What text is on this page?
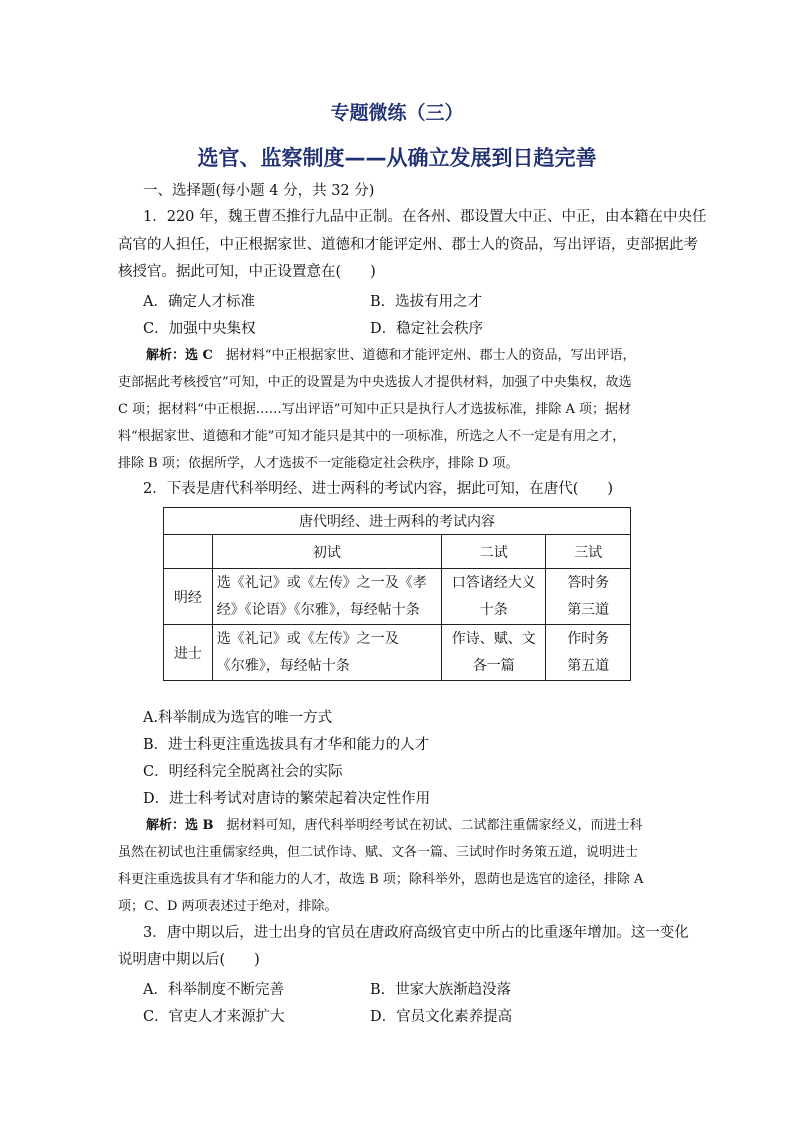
专题微练（三）
选官、监察制度——从确立发展到日趋完善
一、选择题(每小题 4 分，共 32 分)
1．220 年，魏王曹丕推行九品中正制。在各州、郡设置大中正、中正，由本籍在中央任
高官的人担任，中正根据家世、道德和才能评定州、郡士人的资品，写出评语，吏部据此考
核授官。据此可知，中正设置意在(　　)
A．确定人才标准	B．选拔有用之才
C．加强中央集权	D．稳定社会秩序
解析：选 C　据材料“中正根据家世、道德和才能评定州、郡士人的资品，写出评语，
吏部据此考核授官”可知，中正的设置是为中央选拔人才提供材料，加强了中央集权，故选
C 项；据材料“中正根据……写出评语”可知中正只是执行人才选拔标准，排除 A 项；据材
料“根据家世、道德和才能”可知才能只是其中的一项标准，所选之人不一定是有用之才，
排除 B 项；依据所学，人才选拔不一定能稳定社会秩序，排除 D 项。
2．下表是唐代科举明经、进士两科的考试内容，据此可知，在唐代(　　)
唐代明经、进士两科的考试内容			
	初试	二试	三试
明经	选《礼记》或《左传》之一及《孝经》《论语》《尔雅》，每经帖十条	口答诸经大义十条	答时务第三道
进士	选《礼记》或《左传》之一及《尔雅》，每经帖十条	作诗、赋、文各一篇	作时务第五道
A.科举制成为选官的唯一方式
B．进士科更注重选拔具有才华和能力的人才
C．明经科完全脱离社会的实际
D．进士科考试对唐诗的繁荣起着决定性作用
解析：选 B　据材料可知，唐代科举明经考试在初试、二试都注重儒家经义，而进士科
虽然在初试也注重儒家经典，但二试作诗、赋、文各一篇、三试时作时务策五道，说明进士
科更注重选拔具有才华和能力的人才，故选 B 项；除科举外，恩荫也是选官的途径，排除 A
项；C、D 两项表述过于绝对，排除。
3．唐中期以后，进士出身的官员在唐政府高级官吏中所占的比重逐年增加。这一变化
说明唐中期以后(　　)
A．科举制度不断完善	B．世家大族渐趋没落
C．官吏人才来源扩大	D．官员文化素养提高
